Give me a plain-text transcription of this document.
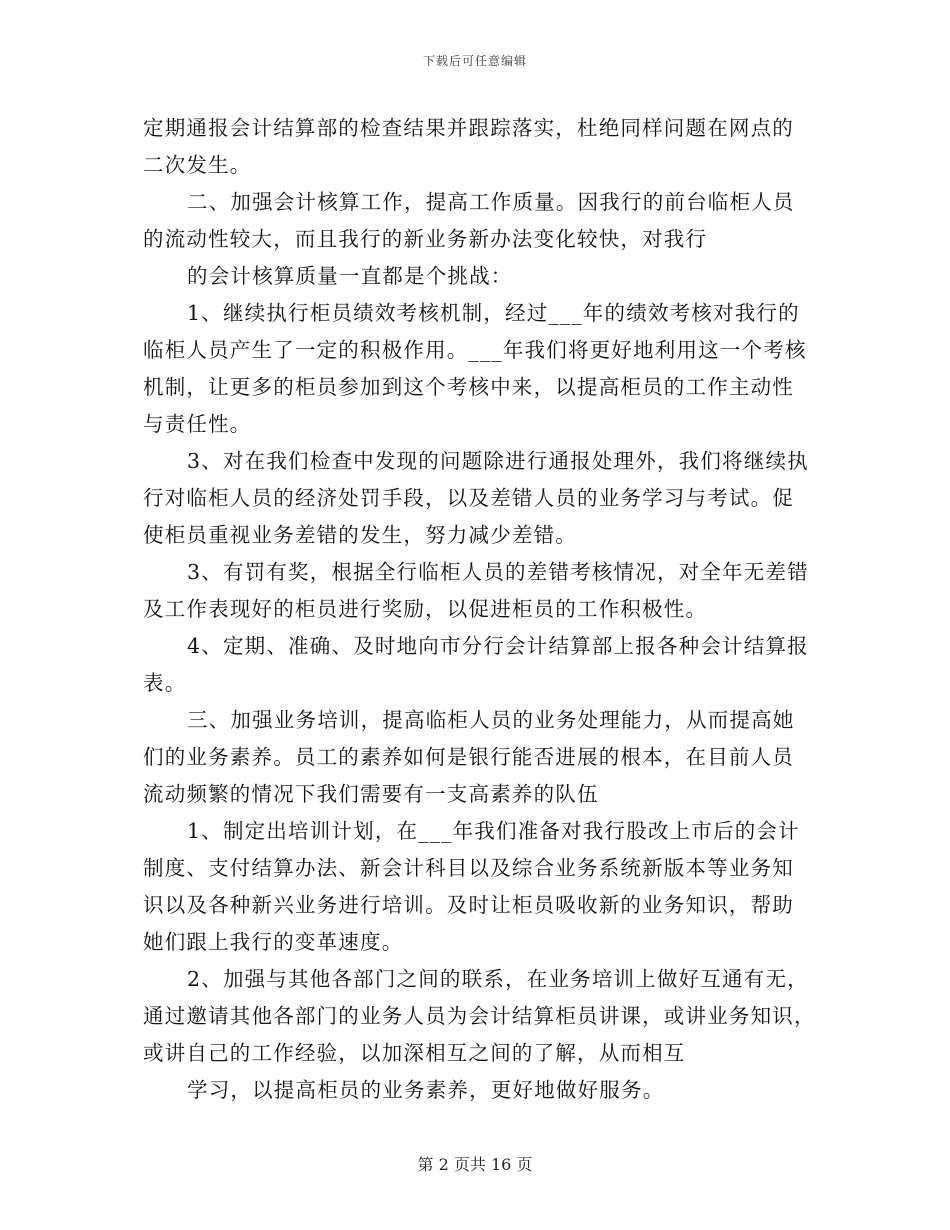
下载后可任意编辑
定期通报会计结算部的检查结果并跟踪落实，杜绝同样问题在网点的
二次发生。
二、加强会计核算工作，提高工作质量。因我行的前台临柜人员
的流动性较大，而且我行的新业务新办法变化较快，对我行
的会计核算质量一直都是个挑战：
1、继续执行柜员绩效考核机制，经过___年的绩效考核对我行的
临柜人员产生了一定的积极作用。___年我们将更好地利用这一个考核
机制，让更多的柜员参加到这个考核中来，以提高柜员的工作主动性
与责任性。
3、对在我们检查中发现的问题除进行通报处理外，我们将继续执
行对临柜人员的经济处罚手段，以及差错人员的业务学习与考试。促
使柜员重视业务差错的发生，努力减少差错。
3、有罚有奖，根据全行临柜人员的差错考核情况，对全年无差错
及工作表现好的柜员进行奖励，以促进柜员的工作积极性。
4、定期、准确、及时地向市分行会计结算部上报各种会计结算报
表。
三、加强业务培训，提高临柜人员的业务处理能力，从而提高她
们的业务素养。员工的素养如何是银行能否进展的根本，在目前人员
流动频繁的情况下我们需要有一支高素养的队伍
1、制定出培训计划，在___年我们准备对我行股改上市后的会计
制度、支付结算办法、新会计科目以及综合业务系统新版本等业务知
识以及各种新兴业务进行培训。及时让柜员吸收新的业务知识，帮助
她们跟上我行的变革速度。
2、加强与其他各部门之间的联系，在业务培训上做好互通有无，
通过邀请其他各部门的业务人员为会计结算柜员讲课，或讲业务知识，
或讲自己的工作经验，以加深相互之间的了解，从而相互
学习，以提高柜员的业务素养，更好地做好服务。
第 2 页共 16 页
